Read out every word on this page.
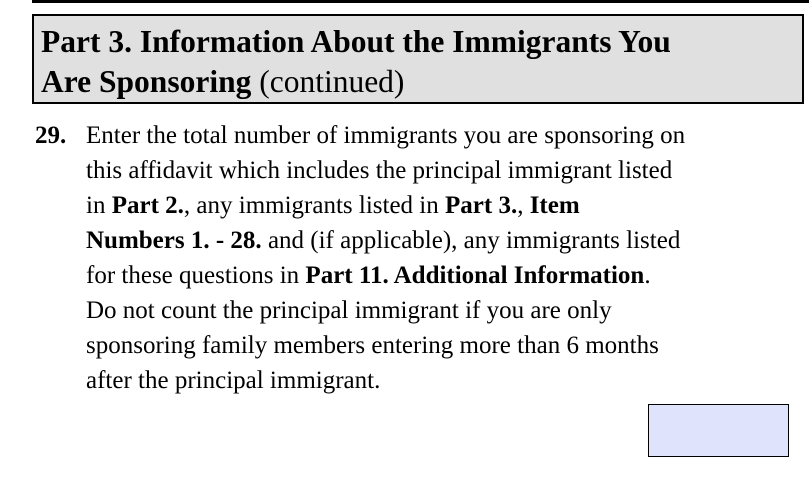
Part 3. Information About the Immigrants You
Are Sponsoring (continued)
29. Enter the total number of immigrants you are sponsoring on
this affidavit which includes the principal immigrant listed
in Part 2., any immigrants listed in Part 3., Item
Numbers 1. - 28. and (if applicable), any immigrants listed
for these questions in Part 11. Additional Information.
Do not count the principal immigrant if you are only
sponsoring family members entering more than 6 months
after the principal immigrant.
